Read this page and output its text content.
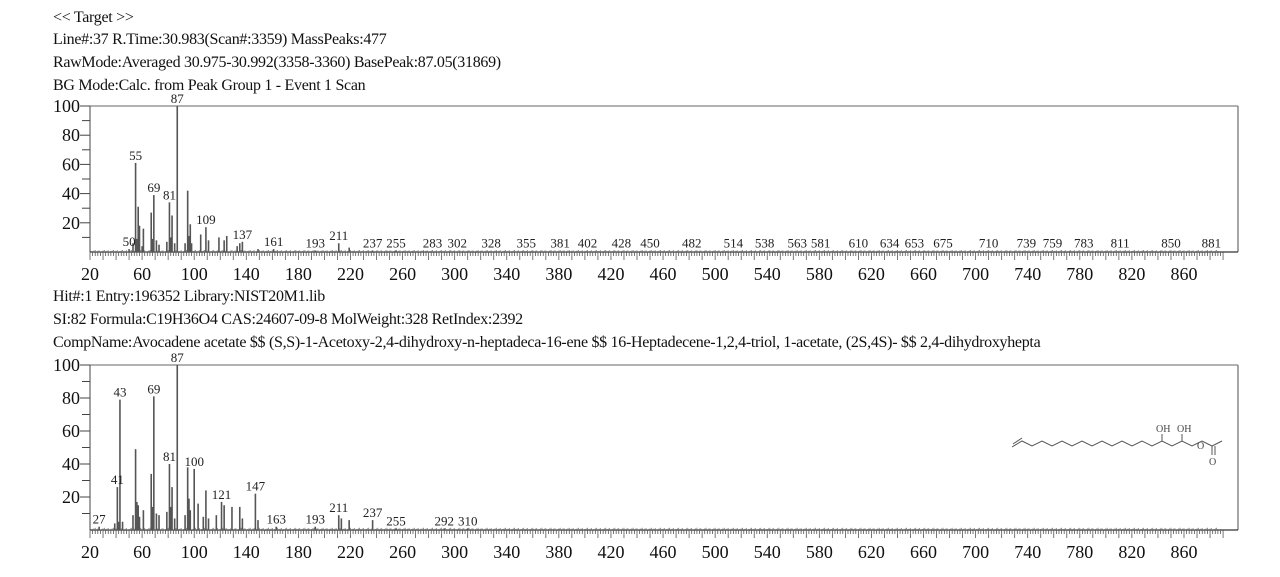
<< Target >>
Line#:37 R.Time:30.983(Scan#:3359) MassPeaks:477
RawMode:Averaged 30.975-30.992(3358-3360) BasePeak:87.05(31869)
BG Mode:Calc. from Peak Group 1 - Event 1 Scan
Hit#:1 Entry:196352 Library:NIST20M1.lib
SI:82 Formula:C19H36O4 CAS:24607-09-8 MolWeight:328 RetIndex:2392
CompName:Avocadene acetate $$ (S,S)-1-Acetoxy-2,4-dihydroxy-n-heptadeca-16-ene $$ 16-Heptadecene-1,2,4-triol, 1-acetate, (2S,4S)- $$ 2,4-dihydroxyhepta
20
40
60
80
100
20 60 100 140 180 220 260 300 340 380 420 460 500 540 580 620 660 700 740 780 820 860
50
55
69 81
87
109
137 161 193 211 237 255 283 302 328 355 381 402 428 450 482 514 538 563 581 610 634 653 675 710 739 759 783 811 850 881
20
40
60
80
100
20 60 100 140 180 220 260 300 340 380 420 460 500 540 580 620 660 700 740 780 820 860
27
41
43 69
81
87
100
121
147
163 193
211 237
255 292 310
OH OH
O
O
